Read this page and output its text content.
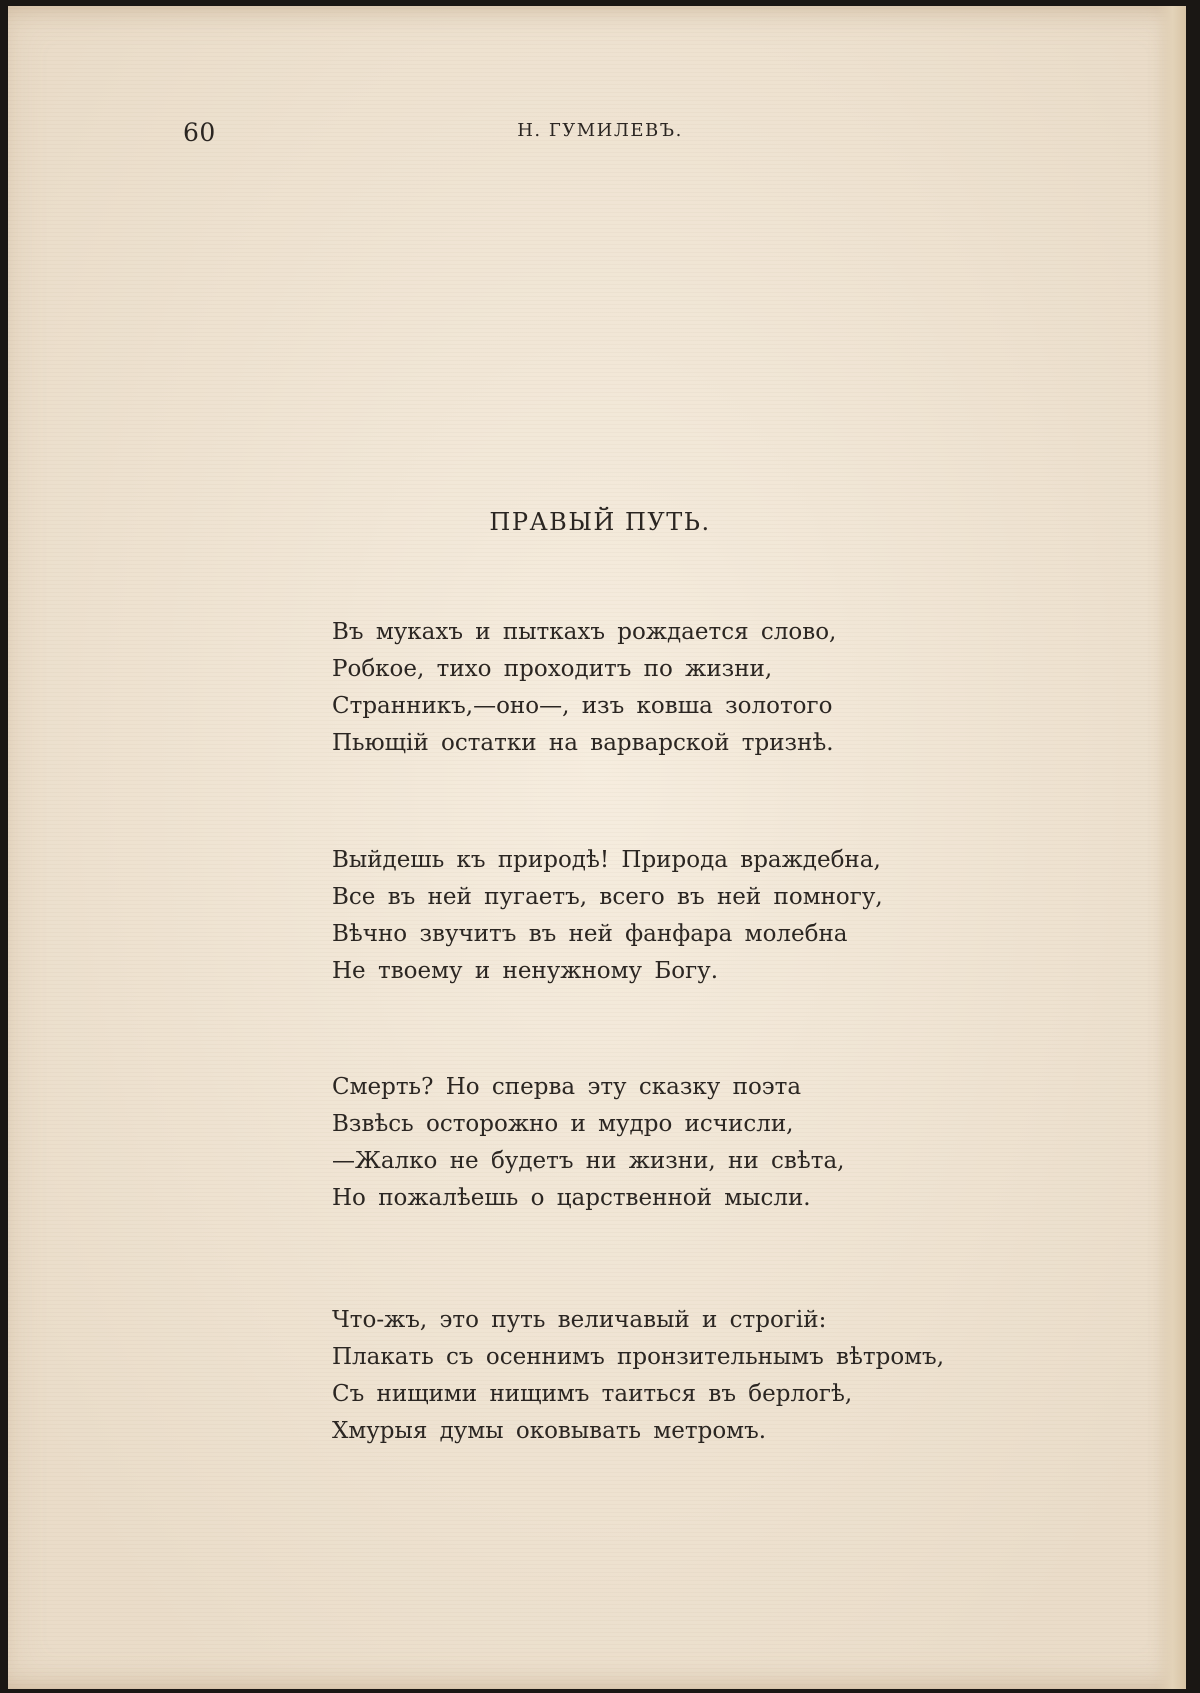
60	Н. ГУМИЛЕВЪ.
ПРАВЫЙ ПУТЬ.
Въ мукахъ и пыткахъ рождается слово,
Робкое, тихо проходитъ по жизни,
Странникъ,—оно—, изъ ковша золотого
Пьющій остатки на варварской тризнѣ.
Выйдешь къ природѣ! Природа враждебна,
Все въ ней пугаетъ, всего въ ней помногу,
Вѣчно звучитъ въ ней фанфара молебна
Не твоему и ненужному Богу.
Смерть? Но сперва эту сказку поэта
Взвѣсь осторожно и мудро исчисли,
—Жалко не будетъ ни жизни, ни свѣта,
Но пожалѣешь о царственной мысли.
Что-жъ, это путь величавый и строгій:
Плакать съ осеннимъ пронзительнымъ вѣтромъ,
Съ нищими нищимъ таиться въ берлогѣ,
Хмурыя думы оковывать метромъ.
